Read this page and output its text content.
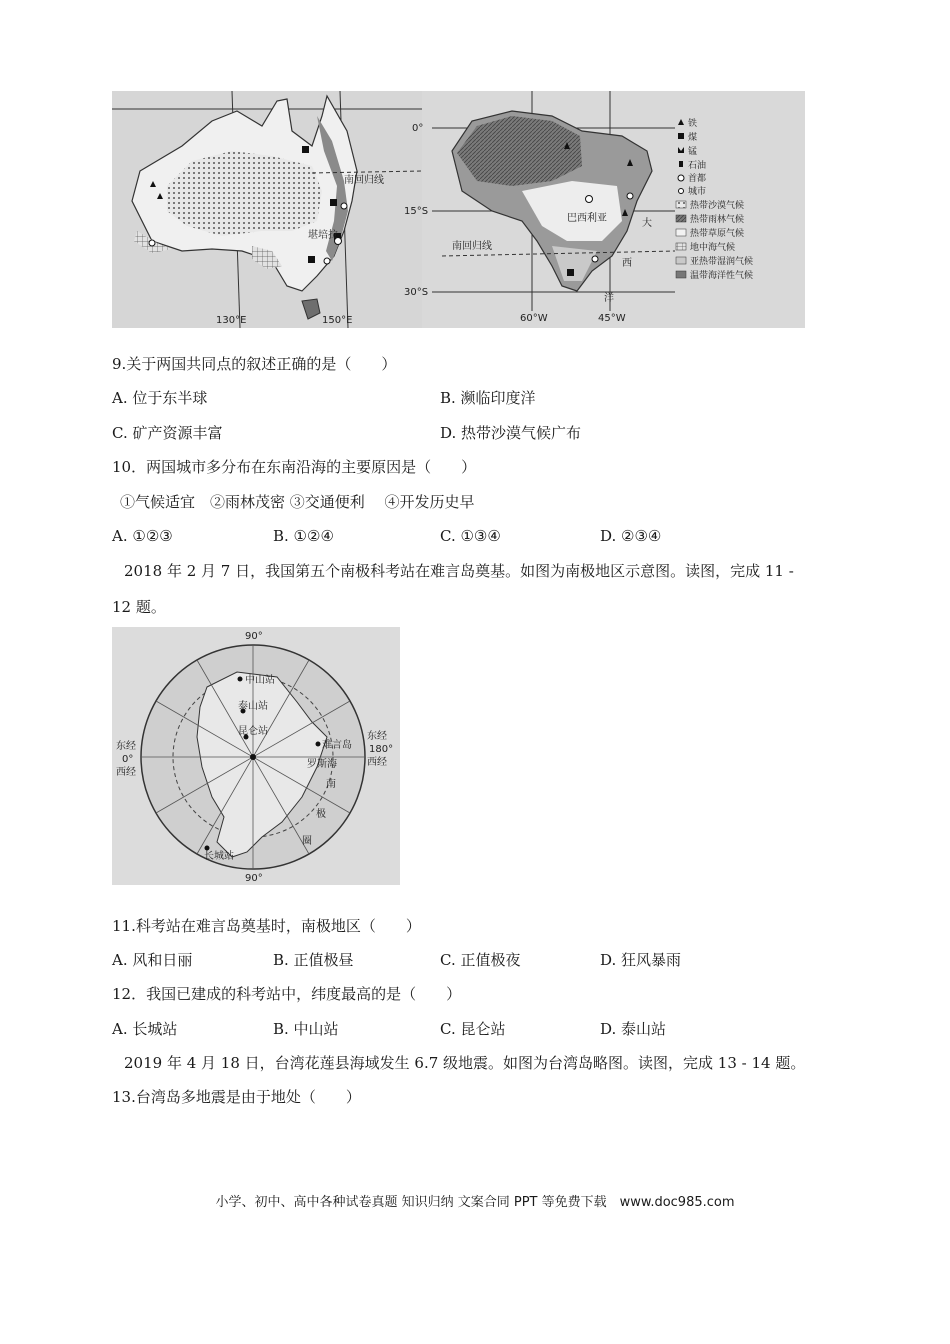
130°E	150°E
南回归线
堪培拉
0°
15°S
30°S
60°W	45°W
南回归线
巴西利亚	大
西
洋
铁
煤
锰
石油
首都
城市
热带沙漠气候
热带雨林气候
热带草原气候
地中海气候
亚热带湿润气候
温带海洋性气候
9.关于两国共同点的叙述正确的是（　　）
A. 位于东半球	B. 濒临印度洋
C. 矿产资源丰富	D. 热带沙漠气候广布
10．两国城市多分布在东南沿海的主要原因是（　　）
①气候适宜　②雨林茂密 ③交通便利　 ④开发历史早
A. ①②③	B. ①②④	C. ①③④	D. ②③④
2018 年 2 月 7 日，我国第五个南极科考站在难言岛奠基。如图为南极地区示意图。读图，完成 11 -
12 题。
90°
90°
东经
0°
西经
东经
180°
西经
中山站
泰山站
昆仑站
难言岛
罗斯海
南
极
圈
长城站
11.科考站在难言岛奠基时，南极地区（　　）
A. 风和日丽	B. 正值极昼	C. 正值极夜	D. 狂风暴雨
12．我国已建成的科考站中，纬度最高的是（　　）
A. 长城站	B. 中山站	C. 昆仑站	D. 泰山站
2019 年 4 月 18 日，台湾花莲县海域发生 6.7 级地震。如图为台湾岛略图。读图，完成 13 - 14 题。
13.台湾岛多地震是由于地处（　　）
小学、初中、高中各种试卷真题 知识归纳 文案合同 PPT 等免费下载　www.doc985.com
